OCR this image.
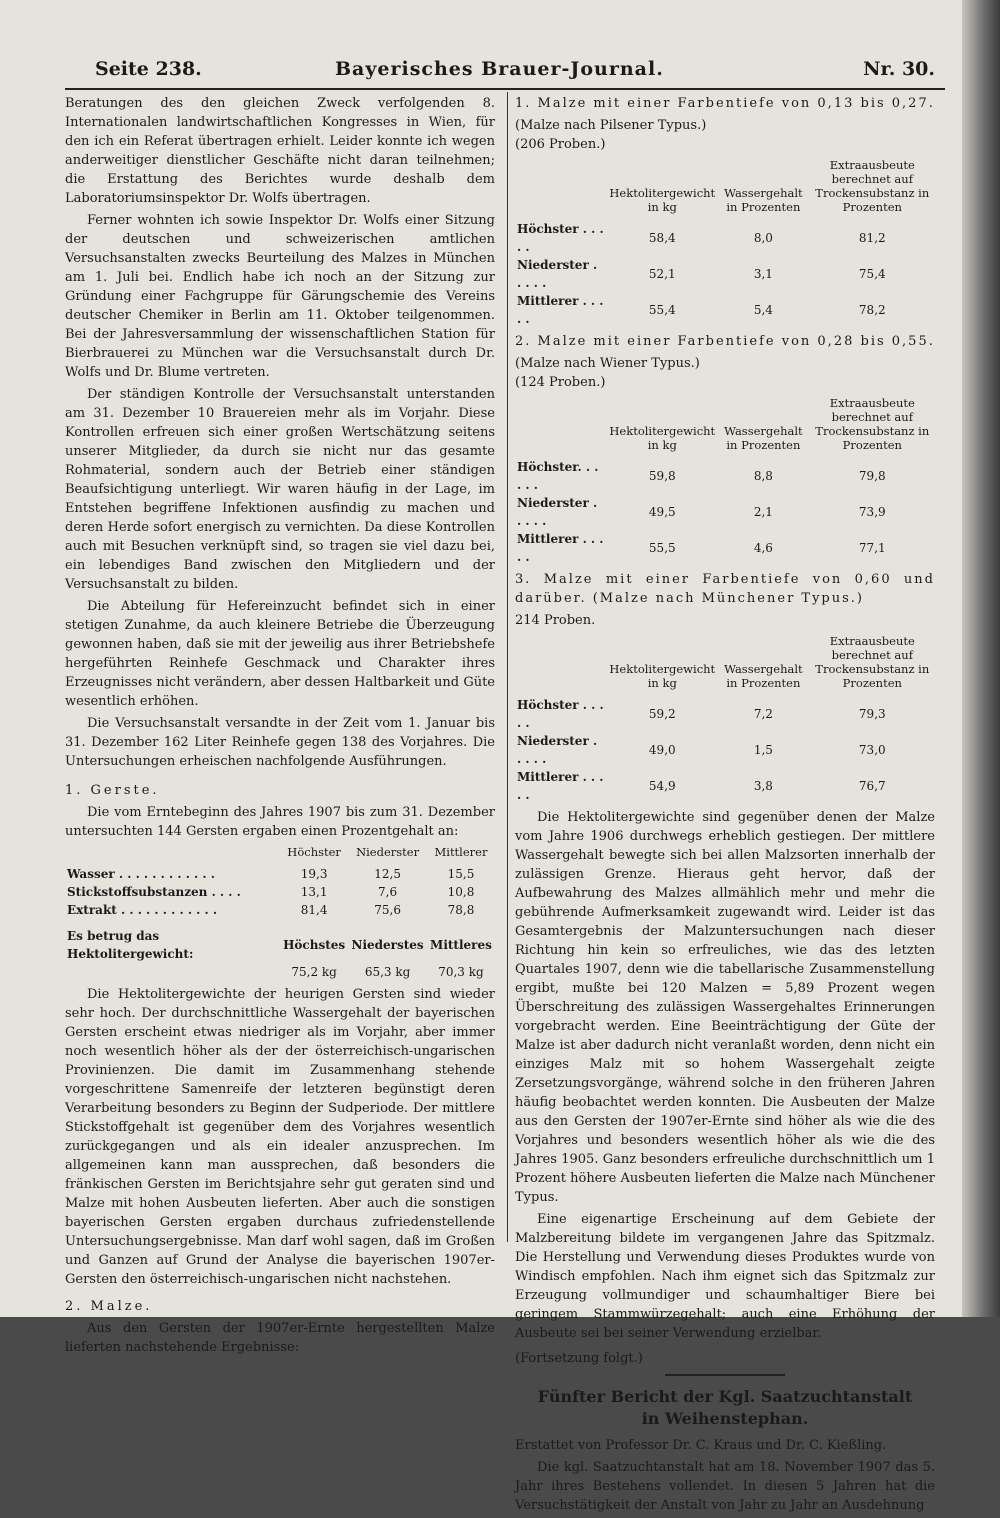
Seite 238.	Bayerisches Brauer-Journal.	Nr. 30.

Beratungen des den gleichen Zweck verfolgenden 8. Internationalen landwirtschaftlichen Kongresses in Wien, für den ich ein Referat übertragen erhielt. Leider konnte ich wegen anderweitiger dienstlicher Geschäfte nicht daran teilnehmen; die Erstattung des Berichtes wurde deshalb dem Laboratoriumsinspektor Dr. Wolfs übertragen.

Ferner wohnten ich sowie Inspektor Dr. Wolfs einer Sitzung der deutschen und schweizerischen amtlichen Versuchsanstalten zwecks Beurteilung des Malzes in München am 1. Juli bei. Endlich habe ich noch an der Sitzung zur Gründung einer Fachgruppe für Gärungschemie des Vereins deutscher Chemiker in Berlin am 11. Oktober teilgenommen. Bei der Jahresversammlung der wissenschaftlichen Station für Bierbrauerei zu München war die Versuchsanstalt durch Dr. Wolfs und Dr. Blume vertreten.

Der ständigen Kontrolle der Versuchsanstalt unterstanden am 31. Dezember 10 Brauereien mehr als im Vorjahr. Diese Kontrollen erfreuen sich einer großen Wertschätzung seitens unserer Mitglieder, da durch sie nicht nur das gesamte Rohmaterial, sondern auch der Betrieb einer ständigen Beaufsichtigung unterliegt. Wir waren häufig in der Lage, im Entstehen begriffene Infektionen ausfindig zu machen und deren Herde sofort energisch zu vernichten. Da diese Kontrollen auch mit Besuchen verknüpft sind, so tragen sie viel dazu bei, ein lebendiges Band zwischen den Mitgliedern und der Versuchsanstalt zu bilden.

Die Abteilung für Hefereinzucht befindet sich in einer stetigen Zunahme, da auch kleinere Betriebe die Überzeugung gewonnen haben, daß sie mit der jeweilig aus ihrer Betriebshefe hergeführten Reinhefe Geschmack und Charakter ihres Erzeugnisses nicht verändern, aber dessen Haltbarkeit und Güte wesentlich erhöhen.

Die Versuchsanstalt versandte in der Zeit vom 1. Januar bis 31. Dezember 162 Liter Reinhefe gegen 138 des Vorjahres. Die Untersuchungen erheischen nachfolgende Ausführungen.

1. Gerste.

Die vom Erntebeginn des Jahres 1907 bis zum 31. Dezember untersuchten 144 Gersten ergaben einen Prozentgehalt an:

	Höchster	Niederster	Mittlerer
Wasser . . . . . . . . . . . .	19,3	12,5	15,5
Stickstoffsubstanzen . . . .	13,1	7,6	10,8
Extrakt . . . . . . . . . . . .	81,4	75,6	78,8
Es betrug das Hektolitergewicht:	Höchstes	Niederstes	Mittleres
	75,2 kg	65,3 kg	70,3 kg

Die Hektolitergewichte der heurigen Gersten sind wieder sehr hoch. Der durchschnittliche Wassergehalt der bayerischen Gersten erscheint etwas niedriger als im Vorjahr, aber immer noch wesentlich höher als der der österreichisch-ungarischen Provinienzen. Die damit im Zusammenhang stehende vorgeschrittene Samenreife der letzteren begünstigt deren Verarbeitung besonders zu Beginn der Sudperiode. Der mittlere Stickstoffgehalt ist gegenüber dem des Vorjahres wesentlich zurückgegangen und als ein idealer anzusprechen. Im allgemeinen kann man aussprechen, daß besonders die fränkischen Gersten im Berichtsjahre sehr gut geraten sind und Malze mit hohen Ausbeuten lieferten. Aber auch die sonstigen bayerischen Gersten ergaben durchaus zufriedenstellende Untersuchungsergebnisse. Man darf wohl sagen, daß im Großen und Ganzen auf Grund der Analyse die bayerischen 1907er-Gersten den österreichisch-ungarischen nicht nachstehen.

2. Malze.

Aus den Gersten der 1907er-Ernte hergestellten Malze lieferten nachstehende Ergebnisse:

1. Malze mit einer Farbentiefe von 0,13 bis 0,27.

(Malze nach Pilsener Typus.)

(206 Proben.)

	Hektolitergewicht in kg	Wassergehalt in Prozenten	Extraausbeute berechnet auf Trockensubstanz in Prozenten
Höchster . . . . .	58,4	8,0	81,2
Niederster . . . . .	52,1	3,1	75,4
Mittlerer . . . . .	55,4	5,4	78,2

2. Malze mit einer Farbentiefe von 0,28 bis 0,55.

(Malze nach Wiener Typus.)

(124 Proben.)

	Hektolitergewicht in kg	Wassergehalt in Prozenten	Extraausbeute berechnet auf Trockensubstanz in Prozenten
Höchster. . . . . .	59,8	8,8	79,8
Niederster . . . . .	49,5	2,1	73,9
Mittlerer . . . . .	55,5	4,6	77,1

3. Malze mit einer Farbentiefe von 0,60 und darüber. (Malze nach Münchener Typus.)

214 Proben.

	Hektolitergewicht in kg	Wassergehalt in Prozenten	Extraausbeute berechnet auf Trockensubstanz in Prozenten
Höchster . . . . .	59,2	7,2	79,3
Niederster . . . . .	49,0	1,5	73,0
Mittlerer . . . . .	54,9	3,8	76,7

Die Hektolitergewichte sind gegenüber denen der Malze vom Jahre 1906 durchwegs erheblich gestiegen. Der mittlere Wassergehalt bewegte sich bei allen Malzsorten innerhalb der zulässigen Grenze. Hieraus geht hervor, daß der Aufbewahrung des Malzes allmählich mehr und mehr die gebührende Aufmerksamkeit zugewandt wird. Leider ist das Gesamtergebnis der Malzuntersuchungen nach dieser Richtung hin kein so erfreuliches, wie das des letzten Quartales 1907, denn wie die tabellarische Zusammenstellung ergibt, mußte bei 120 Malzen = 5,89 Prozent wegen Überschreitung des zulässigen Wassergehaltes Erinnerungen vorgebracht werden. Eine Beeinträchtigung der Güte der Malze ist aber dadurch nicht veranlaßt worden, denn nicht ein einziges Malz mit so hohem Wassergehalt zeigte Zersetzungsvorgänge, während solche in den früheren Jahren häufig beobachtet werden konnten. Die Ausbeuten der Malze aus den Gersten der 1907er-Ernte sind höher als wie die des Vorjahres und besonders wesentlich höher als wie die des Jahres 1905. Ganz besonders erfreuliche durchschnittlich um 1 Prozent höhere Ausbeuten lieferten die Malze nach Münchener Typus.

Eine eigenartige Erscheinung auf dem Gebiete der Malzbereitung bildete im vergangenen Jahre das Spitzmalz. Die Herstellung und Verwendung dieses Produktes wurde von Windisch empfohlen. Nach ihm eignet sich das Spitzmalz zur Erzeugung vollmundiger und schaumhaltiger Biere bei geringem Stammwürzegehalt; auch eine Erhöhung der Ausbeute sei bei seiner Verwendung erzielbar.

(Fortsetzung folgt.)

Fünfter Bericht der Kgl. Saatzuchtanstalt
in Weihenstephan.

Erstattet von Professor Dr. C. Kraus und Dr. C. Kießling.

Die kgl. Saatzuchtanstalt hat am 18. November 1907 das 5. Jahr ihres Bestehens vollendet. In diesen 5 Jahren hat die Versuchstätigkeit der Anstalt von Jahr zu Jahr an Ausdehnung
